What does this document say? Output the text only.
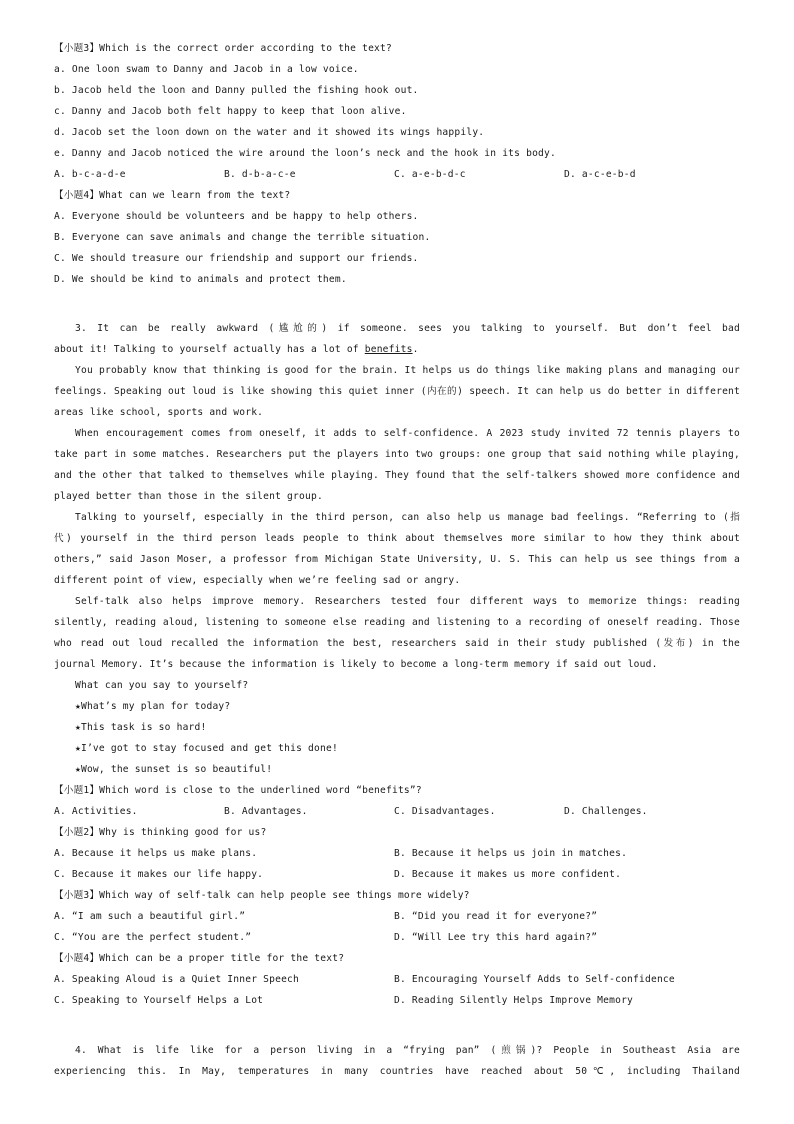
【小题3】Which is the correct order according to the text?
a. One loon swam to Danny and Jacob in a low voice.
b. Jacob held the loon and Danny pulled the fishing hook out.
c. Danny and Jacob both felt happy to keep that loon alive.
d. Jacob set the loon down on the water and it showed its wings happily.
e. Danny and Jacob noticed the wire around the loon’s neck and the hook in its body.
A. b-c-a-d-e	B. d-b-a-c-e	C. a-e-b-d-c	D. a-c-e-b-d
【小题4】What can we learn from the text?
A. Everyone should be volunteers and be happy to help others.
B. Everyone can save animals and change the terrible situation.
C. We should treasure our friendship and support our friends.
D. We should be kind to animals and protect them.
3. It can be really awkward (尴尬的) if someone. sees you talking to yourself. But don’t feel bad
about it! Talking to yourself actually has a lot of benefits.
You probably know that thinking is good for the brain. It helps us do things like making plans and managing our
feelings. Speaking out loud is like showing this quiet inner (内在的) speech. It can help us do better in different
areas like school, sports and work.
When encouragement comes from oneself, it adds to self-confidence. A 2023 study invited 72 tennis players to
take part in some matches. Researchers put the players into two groups: one group that said nothing while playing,
and the other that talked to themselves while playing. They found that the self-talkers showed more confidence and
played better than those in the silent group.
Talking to yourself, especially in the third person, can also help us manage bad feelings. “Referring to (指
代) yourself in the third person leads people to think about themselves more similar to how they think about
others,” said Jason Moser, a professor from Michigan State University, U. S. This can help us see things from a
different point of view, especially when we’re feeling sad or angry.
Self-talk also helps improve memory. Researchers tested four different ways to memorize things: reading
silently, reading aloud, listening to someone else reading and listening to a recording of oneself reading. Those
who read out loud recalled the information the best, researchers said in their study published (发布) in the
journal Memory. It’s because the information is likely to become a long-term memory if said out loud.
What can you say to yourself?
★What’s my plan for today?
★This task is so hard!
★I’ve got to stay focused and get this done!
★Wow, the sunset is so beautiful!
【小题1】Which word is close to the underlined word “benefits”?
A. Activities.	B. Advantages.	C. Disadvantages.	D. Challenges.
【小题2】Why is thinking good for us?
A. Because it helps us make plans.	B. Because it helps us join in matches.
C. Because it makes our life happy.	D. Because it makes us more confident.
【小题3】Which way of self-talk can help people see things more widely?
A. “I am such a beautiful girl.”	B. “Did you read it for everyone?”
C. “You are the perfect student.”	D. “Will Lee try this hard again?”
【小题4】Which can be a proper title for the text?
A. Speaking Aloud is a Quiet Inner Speech	B. Encouraging Yourself Adds to Self-confidence
C. Speaking to Yourself Helps a Lot	D. Reading Silently Helps Improve Memory
4. What is life like for a person living in a “frying pan” (煎锅)? People in Southeast Asia are
experiencing this. In May, temperatures in many countries have reached about 50℃, including Thailand
